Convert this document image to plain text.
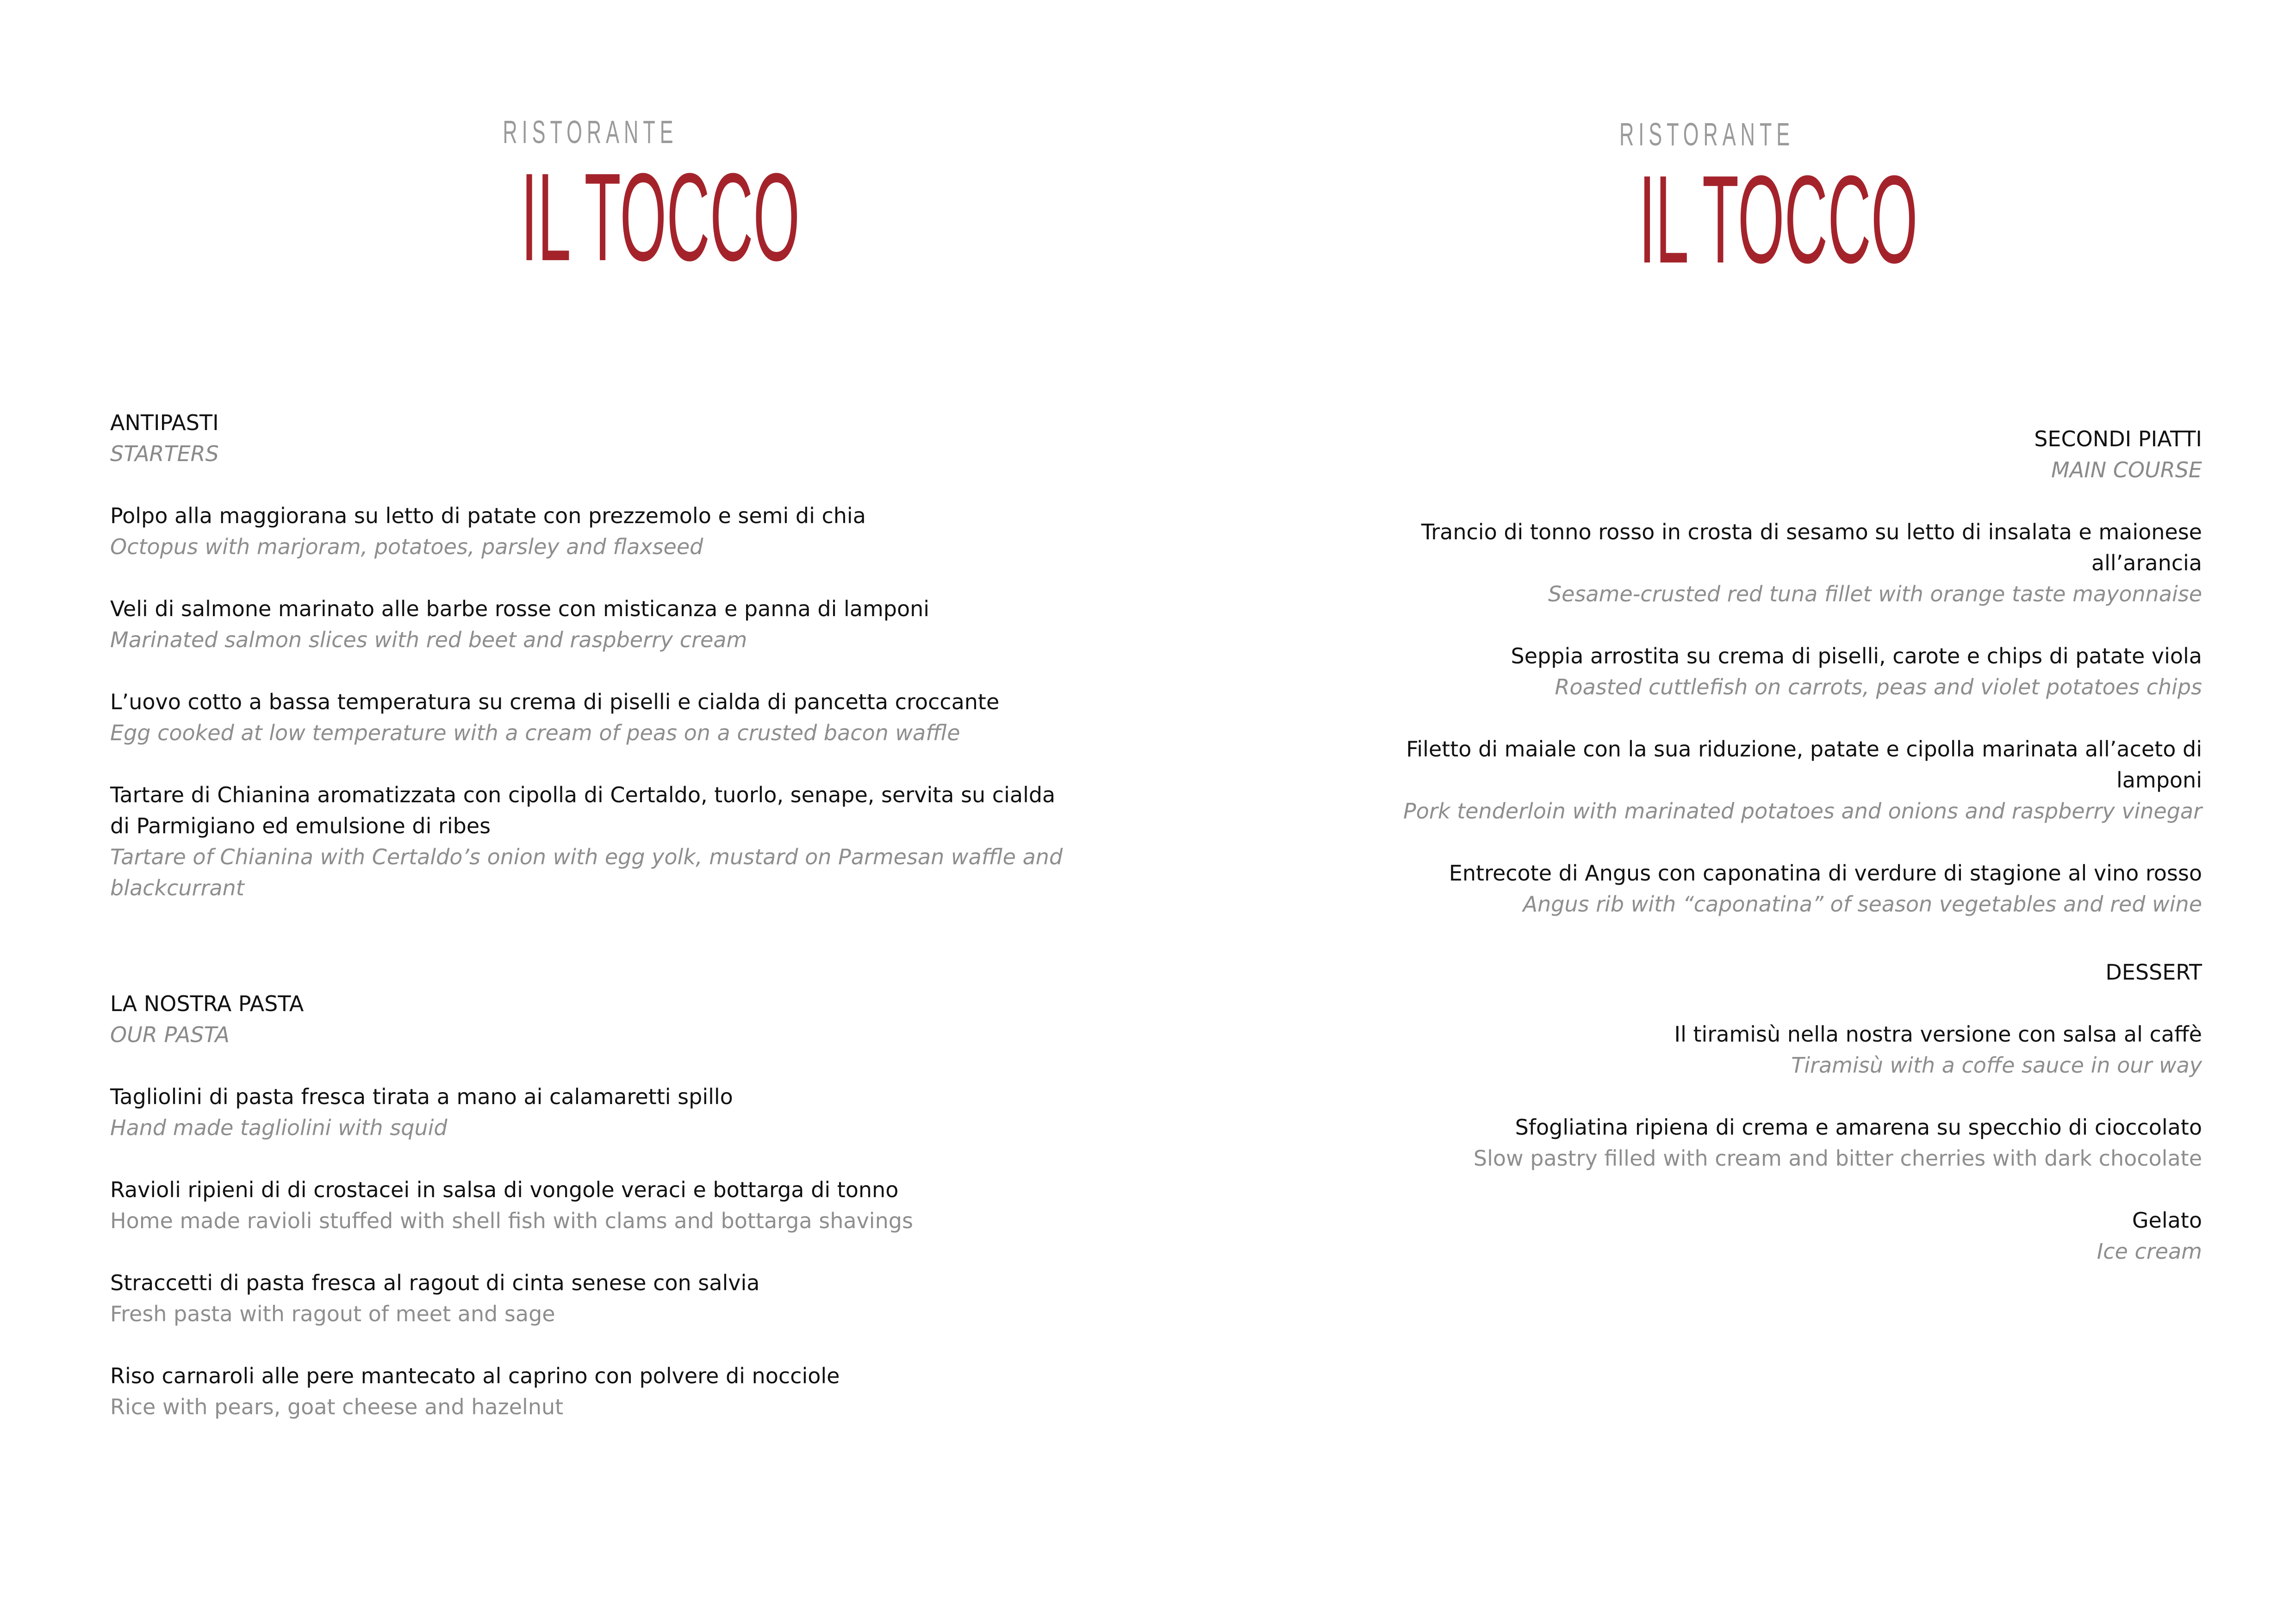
RISTORANTE
IL TOCCO
RISTORANTE
IL TOCCO
ANTIPASTI
STARTERS
Polpo alla maggiorana su letto di patate con prezzemolo e semi di chia
Octopus with marjoram, potatoes, parsley and flaxseed
Veli di salmone marinato alle barbe rosse con misticanza e panna di lamponi
Marinated salmon slices with red beet and raspberry cream
L’uovo cotto a bassa temperatura su crema di piselli e cialda di pancetta croccante
Egg cooked at low temperature with a cream of peas on a crusted bacon waffle
Tartare di Chianina aromatizzata con cipolla di Certaldo, tuorlo, senape, servita su cialda di Parmigiano ed emulsione di ribes
Tartare of Chianina with Certaldo’s onion with egg yolk, mustard on Parmesan waffle and blackcurrant
LA NOSTRA PASTA
OUR PASTA
Tagliolini di pasta fresca tirata a mano ai calamaretti spillo
Hand made tagliolini with squid
Ravioli ripieni di di crostacei in salsa di vongole veraci e bottarga di tonno
Home made ravioli stuffed with shell fish with clams and bottarga shavings
Straccetti di pasta fresca al ragout di cinta senese con salvia
Fresh pasta with ragout of meet and sage
Riso carnaroli alle pere mantecato al caprino con polvere di nocciole
Rice with pears, goat cheese and hazelnut
SECONDI PIATTI
MAIN COURSE
Trancio di tonno rosso in crosta di sesamo su letto di insalata e maionese all’arancia
Sesame-crusted red tuna fillet with orange taste mayonnaise
Seppia arrostita su crema di piselli, carote e chips di patate viola
Roasted cuttlefish on carrots, peas and violet potatoes chips
Filetto di maiale con la sua riduzione, patate e cipolla marinata all’aceto di lamponi
Pork tenderloin with marinated potatoes and onions and raspberry vinegar
Entrecote di Angus con caponatina di verdure di stagione al vino rosso
Angus rib with “caponatina” of season vegetables and red wine
DESSERT
Il tiramisù nella nostra versione con salsa al caffè
Tiramisù with a coffe sauce in our way
Sfogliatina ripiena di crema e amarena su specchio di cioccolato
Slow pastry filled with cream and bitter cherries with dark chocolate
Gelato
Ice cream
